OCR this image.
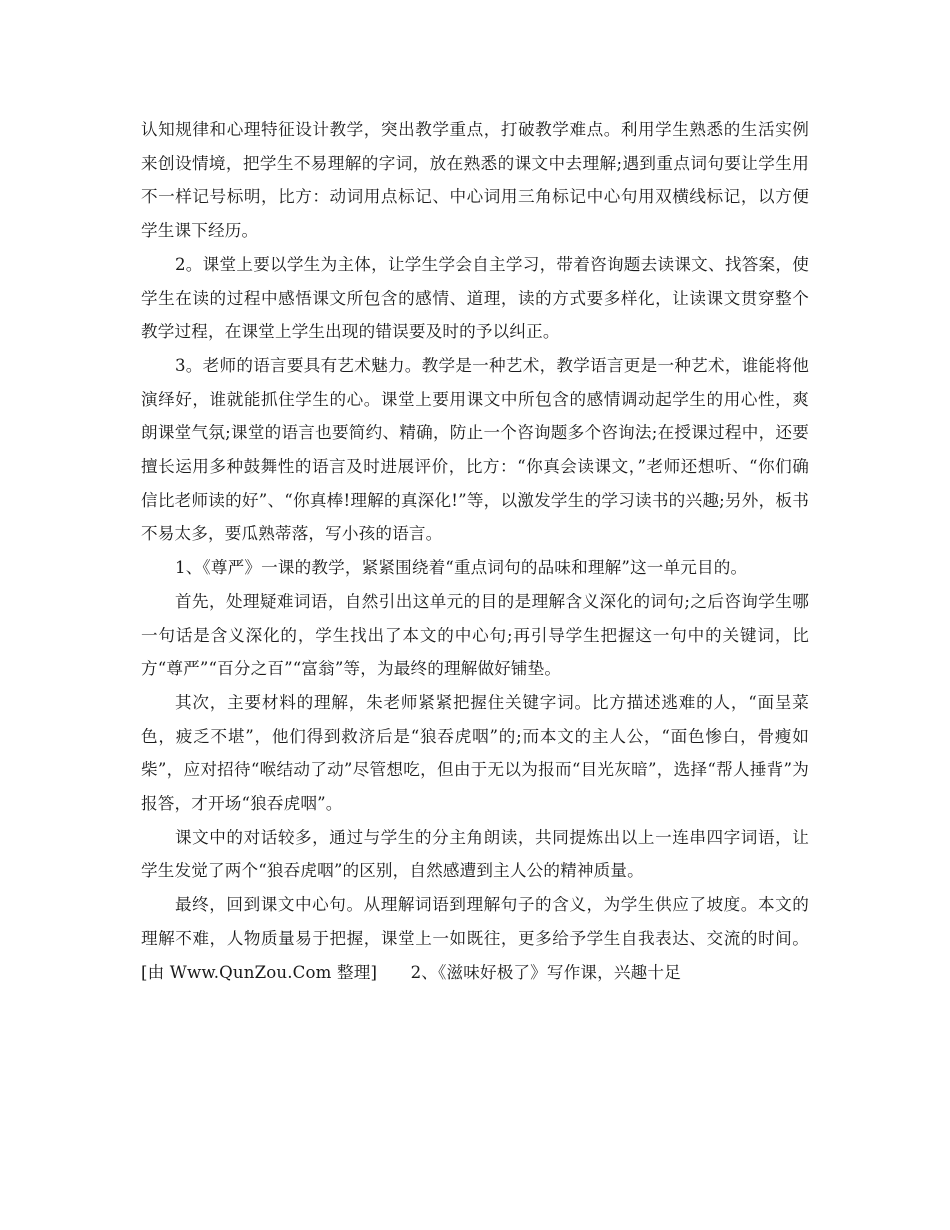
认知规律和心理特征设计教学，突出教学重点，打破教学难点。利用学生熟悉的生活实例来创设情境，把学生不易理解的字词，放在熟悉的课文中去理解;遇到重点词句要让学生用不一样记号标明，比方：动词用点标记、中心词用三角标记中心句用双横线标记，以方便学生课下经历。

2。课堂上要以学生为主体，让学生学会自主学习，带着咨询题去读课文、找答案，使学生在读的过程中感悟课文所包含的感情、道理，读的方式要多样化，让读课文贯穿整个教学过程，在课堂上学生出现的错误要及时的予以纠正。

3。老师的语言要具有艺术魅力。教学是一种艺术，教学语言更是一种艺术，谁能将他演绎好，谁就能抓住学生的心。课堂上要用课文中所包含的感情调动起学生的用心性，爽朗课堂气氛;课堂的语言也要简约、精确，防止一个咨询题多个咨询法;在授课过程中，还要擅长运用多种鼓舞性的语言及时进展评价，比方：“你真会读课文，”老师还想听、“你们确信比老师读的好”、“你真棒!理解的真深化!”等，以激发学生的学习读书的兴趣;另外，板书不易太多，要瓜熟蒂落，写小孩的语言。

1、《尊严》一课的教学，紧紧围绕着“重点词句的品味和理解”这一单元目的。

首先，处理疑难词语，自然引出这单元的目的是理解含义深化的词句;之后咨询学生哪一句话是含义深化的，学生找出了本文的中心句;再引导学生把握这一句中的关键词，比方“尊严”“百分之百”“富翁”等，为最终的理解做好铺垫。

其次，主要材料的理解，朱老师紧紧把握住关键字词。比方描述逃难的人，“面呈菜色，疲乏不堪”，他们得到救济后是“狼吞虎咽”的;而本文的主人公，“面色惨白，骨瘦如柴”，应对招待“喉结动了动”尽管想吃，但由于无以为报而“目光灰暗”，选择“帮人捶背”为报答，才开场“狼吞虎咽”。

课文中的对话较多，通过与学生的分主角朗读，共同提炼出以上一连串四字词语，让学生发觉了两个“狼吞虎咽”的区别，自然感遭到主人公的精神质量。

最终，回到课文中心句。从理解词语到理解句子的含义，为学生供应了坡度。本文的理解不难，人物质量易于把握，课堂上一如既往，更多给予学生自我表达、交流的时间。[由 Www.QunZou.Com 整理]　　2、《滋味好极了》写作课，兴趣十足
